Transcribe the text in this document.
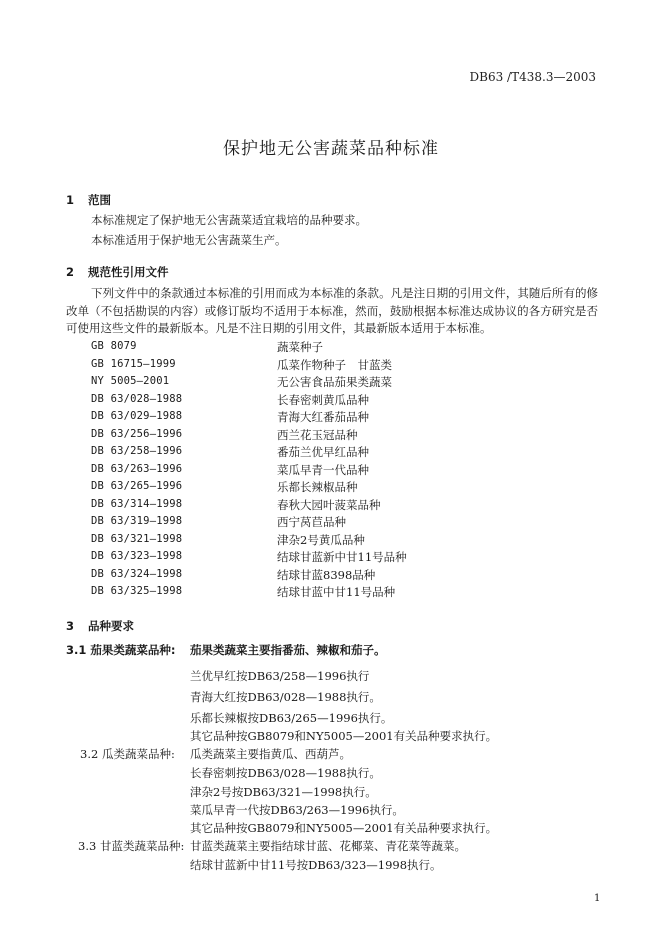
DB63 /T438.3—2003
保护地无公害蔬菜品种标准
1 范围
本标准规定了保护地无公害蔬菜适宜栽培的品种要求。
本标准适用于保护地无公害蔬菜生产。
2 规范性引用文件
下列文件中的条款通过本标准的引用而成为本标准的条款。凡是注日期的引用文件，其随后所有的修改单（不包括勘误的内容）或修订版均不适用于本标准，然而，鼓励根据本标准达成协议的各方研究是否可使用这些文件的最新版本。凡是不注日期的引用文件，其最新版本适用于本标准。
GB 8079	蔬菜种子
GB 16715—1999	瓜菜作物种子　甘蓝类
NY 5005—2001	无公害食品茄果类蔬菜
DB 63/028—1988	长春密刺黄瓜品种
DB 63/029—1988	青海大红番茄品种
DB 63/256—1996	西兰花玉冠品种
DB 63/258—1996	番茄兰优早红品种
DB 63/263—1996	菜瓜早青一代品种
DB 63/265—1996	乐都长辣椒品种
DB 63/314—1998	春秋大园叶菠菜品种
DB 63/319—1998	西宁莴苣品种
DB 63/321—1998	津杂2号黄瓜品种
DB 63/323—1998	结球甘蓝新中甘11号品种
DB 63/324—1998	结球甘蓝8398品种
DB 63/325—1998	结球甘蓝中甘11号品种
3 品种要求
3.1 茄果类蔬菜品种: 茄果类蔬菜主要指番茄、辣椒和茄子。
兰优早红按DB63/258—1996执行
青海大红按DB63/028—1988执行。
乐都长辣椒按DB63/265—1996执行。
其它品种按GB8079和NY5005—2001有关品种要求执行。
3.2 瓜类蔬菜品种: 瓜类蔬菜主要指黄瓜、西葫芦。
长春密刺按DB63/028—1988执行。
津杂2号按DB63/321—1998执行。
菜瓜早青一代按DB63/263—1996执行。
其它品种按GB8079和NY5005—2001有关品种要求执行。
3.3 甘蓝类蔬菜品种: 甘蓝类蔬菜主要指结球甘蓝、花椰菜、青花菜等蔬菜。
结球甘蓝新中甘11号按DB63/323—1998执行。
1
